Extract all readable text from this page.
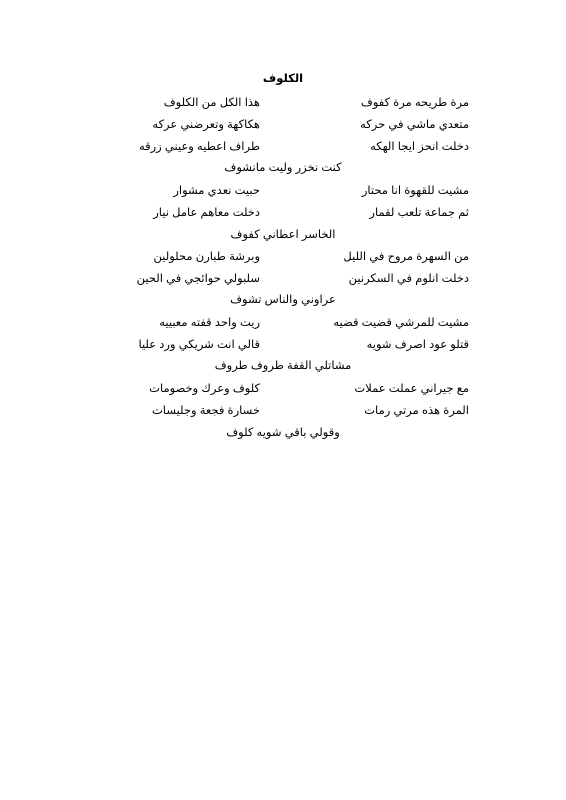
الكلوف
مرة طريحه مرة كفوف
هذا الكل من الكلوف
متعدي ماشي في حركه
هكاكهة وتعرضني عركه
دخلت انحز ايجا الهكه
طراف اعطيه وعيني زرقه
كنت نخزر وليت مانشوف
مشيت للقهوة انا محتار
حبيت نعدي مشوار
ثم جماعة تلعب لقمار
دخلت معاهم عامل نيار
الخاسر اعطاني كفوف
من السهرة مروح في الليل
وبرشة طبارن محلولين
دخلت انلوم في السكرنين
سلبولي حوائجي في الحين
عراوني والناس تشوف
مشيت للمرشي قضيت قضيه
ريت واحد قفته معبييه
قتلو عود اصرف شويه
قالي انت شريكي ورد عليا
مشاتلي القفة طروف طروف
مع جيراني عملت عملات
كلوف وعرك وخصومات
المرة هذه مرتي رمات
خسارة فجعة وجليسات
وقولي باقي شويه كلوف
